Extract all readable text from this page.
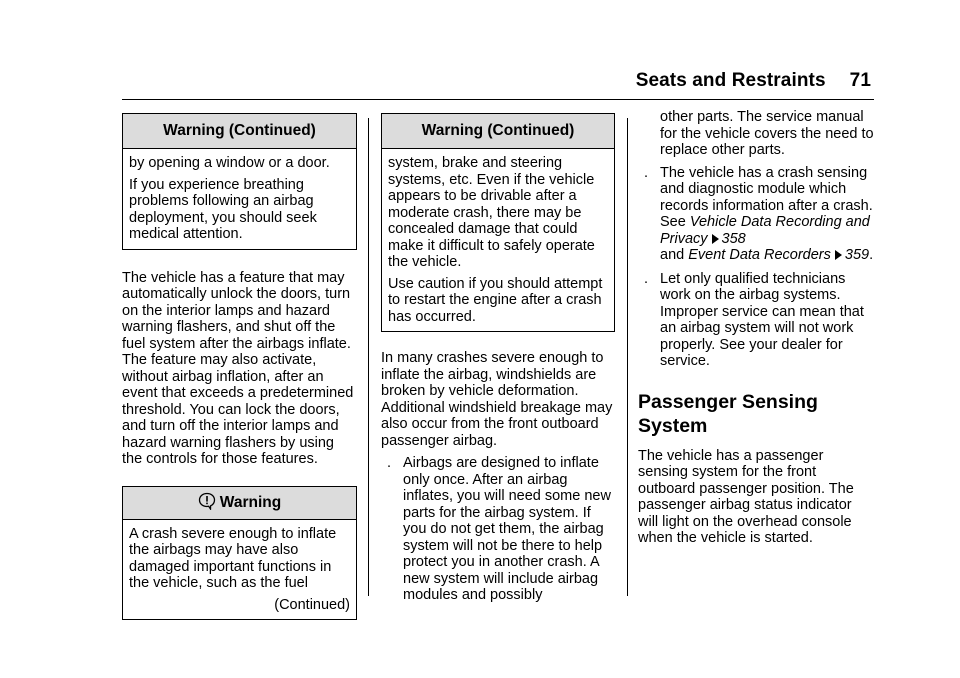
Seats and Restraints 71
Warning (Continued)

by opening a window or a door.

If you experience breathing problems following an airbag deployment, you should seek medical attention.

The vehicle has a feature that may automatically unlock the doors, turn on the interior lamps and hazard warning flashers, and shut off the fuel system after the airbags inflate. The feature may also activate, without airbag inflation, after an event that exceeds a predetermined threshold. You can lock the doors, and turn off the interior lamps and hazard warning flashers by using the controls for those features.

Warning

A crash severe enough to inflate the airbags may have also damaged important functions in the vehicle, such as the fuel

(Continued)
Warning (Continued)

system, brake and steering systems, etc. Even if the vehicle appears to be drivable after a moderate crash, there may be concealed damage that could make it difficult to safely operate the vehicle.

Use caution if you should attempt to restart the engine after a crash has occurred.

In many crashes severe enough to inflate the airbag, windshields are broken by vehicle deformation. Additional windshield breakage may also occur from the front outboard passenger airbag.

. Airbags are designed to inflate only once. After an airbag inflates, you will need some new parts for the airbag system. If you do not get them, the airbag system will not be there to help protect you in another crash. A new system will include airbag modules and possibly
other parts. The service manual for the vehicle covers the need to replace other parts.
. The vehicle has a crash sensing and diagnostic module which records information after a crash. See Vehicle Data Recording and Privacy 358
and Event Data Recorders 359.
. Let only qualified technicians work on the airbag systems. Improper service can mean that an airbag system will not work properly. See your dealer for service.
Passenger Sensing System

The vehicle has a passenger sensing system for the front outboard passenger position. The passenger airbag status indicator will light on the overhead console when the vehicle is started.
